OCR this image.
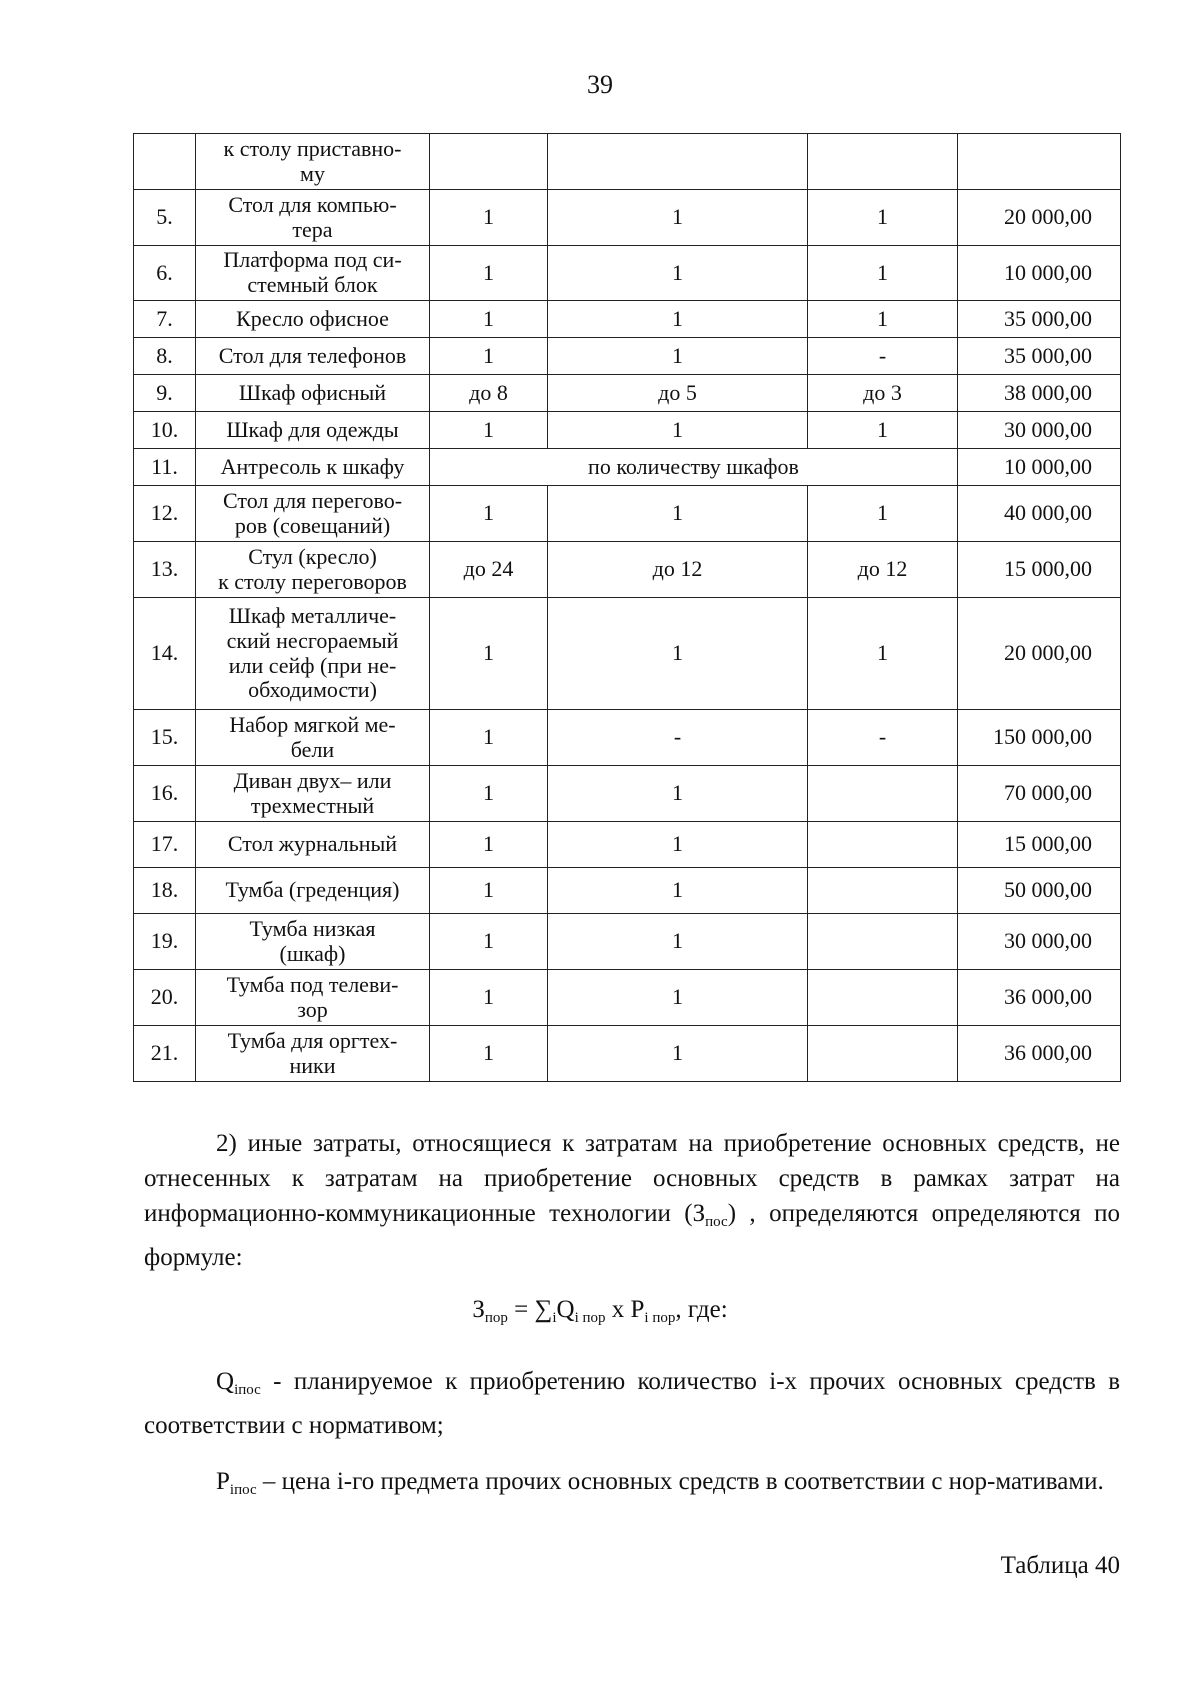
39
	к столу приставно-
му				
5.	Стол для компью-
тера	1	1	1	20 000,00
6.	Платформа под си-
стемный блок	1	1	1	10 000,00
7.	Кресло офисное	1	1	1	35 000,00
8.	Стол для телефонов	1	1	-	35 000,00
9.	Шкаф офисный	до 8	до 5	до 3	38 000,00
10.	Шкаф для одежды	1	1	1	30 000,00
11.	Антресоль к шкафу	по количеству шкафов			10 000,00
12.	Стол для перегово-
ров (совещаний)	1	1	1	40 000,00
13.	Стул (кресло)
к столу переговоров	до 24	до 12	до 12	15 000,00
14.	Шкаф металличе-
ский несгораемый
или сейф (при не-
обходимости)	1	1	1	20 000,00
15.	Набор мягкой ме-
бели	1	-	-	150 000,00
16.	Диван двух– или
трехместный	1	1		70 000,00
17.	Стол журнальный	1	1		15 000,00
18.	Тумба (греденция)	1	1		50 000,00
19.	Тумба низкая
(шкаф)	1	1		30 000,00
20.	Тумба под телеви-
зор	1	1		36 000,00
21.	Тумба для оргтех-
ники	1	1		36 000,00

2) иные затраты, относящиеся к затратам на приобретение основных средств, не отнесенных к затратам на приобретение основных средств в рамках затрат на информационно-коммуникационные технологии $(З_{пос})$ , определяются определяются по формуле:

$З_{пор} = \sum_iQ_{i пор}$ х $P_{i пор}$, где:

$Q_{iпос}$ - планируемое к приобретению количество i-х прочих основных средств в соответствии с нормативом;

$P_{iпос}$ – цена i-го предмета прочих основных средств в соответствии с нор-мативами.

Таблица 40
